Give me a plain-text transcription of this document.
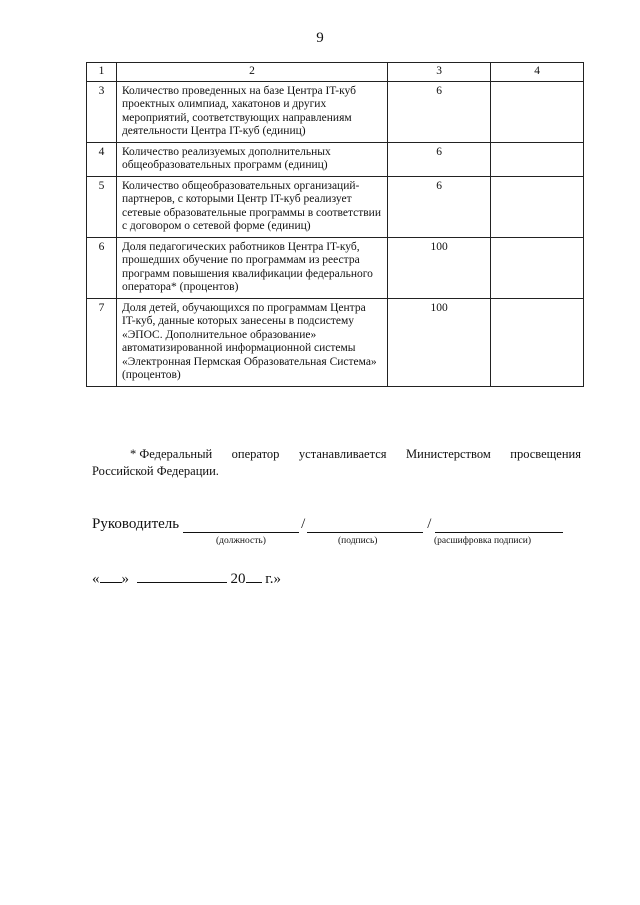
9
1	2	3	4
3	Количество проведенных на базе Центра IT-куб проектных олимпиад, хакатонов и других мероприятий, соответствующих направлениям деятельности Центра IT-куб (единиц)	6	
4	Количество реализуемых дополнительных общеобразовательных программ (единиц)	6	
5	Количество общеобразовательных организаций-партнеров, с которыми Центр IT-куб реализует сетевые образовательные программы в соответствии с договором о сетевой форме (единиц)	6	
6	Доля педагогических работников Центра IT-куб, прошедших обучение по программам из реестра программ повышения квалификации федерального оператора* (процентов)	100	
7	Доля детей, обучающихся по программам Центра IT-куб, данные которых занесены в подсистему «ЭПОС. Дополнительное образование» автоматизированной информационной системы «Электронная Пермская Образовательная Система» (процентов)	100	
* Федеральный оператор устанавливается Министерством просвещения
Российской Федерации.
Руководитель	/	/
(должность)	(подпись)	(расшифровка подписи)
« »	20 г.»
